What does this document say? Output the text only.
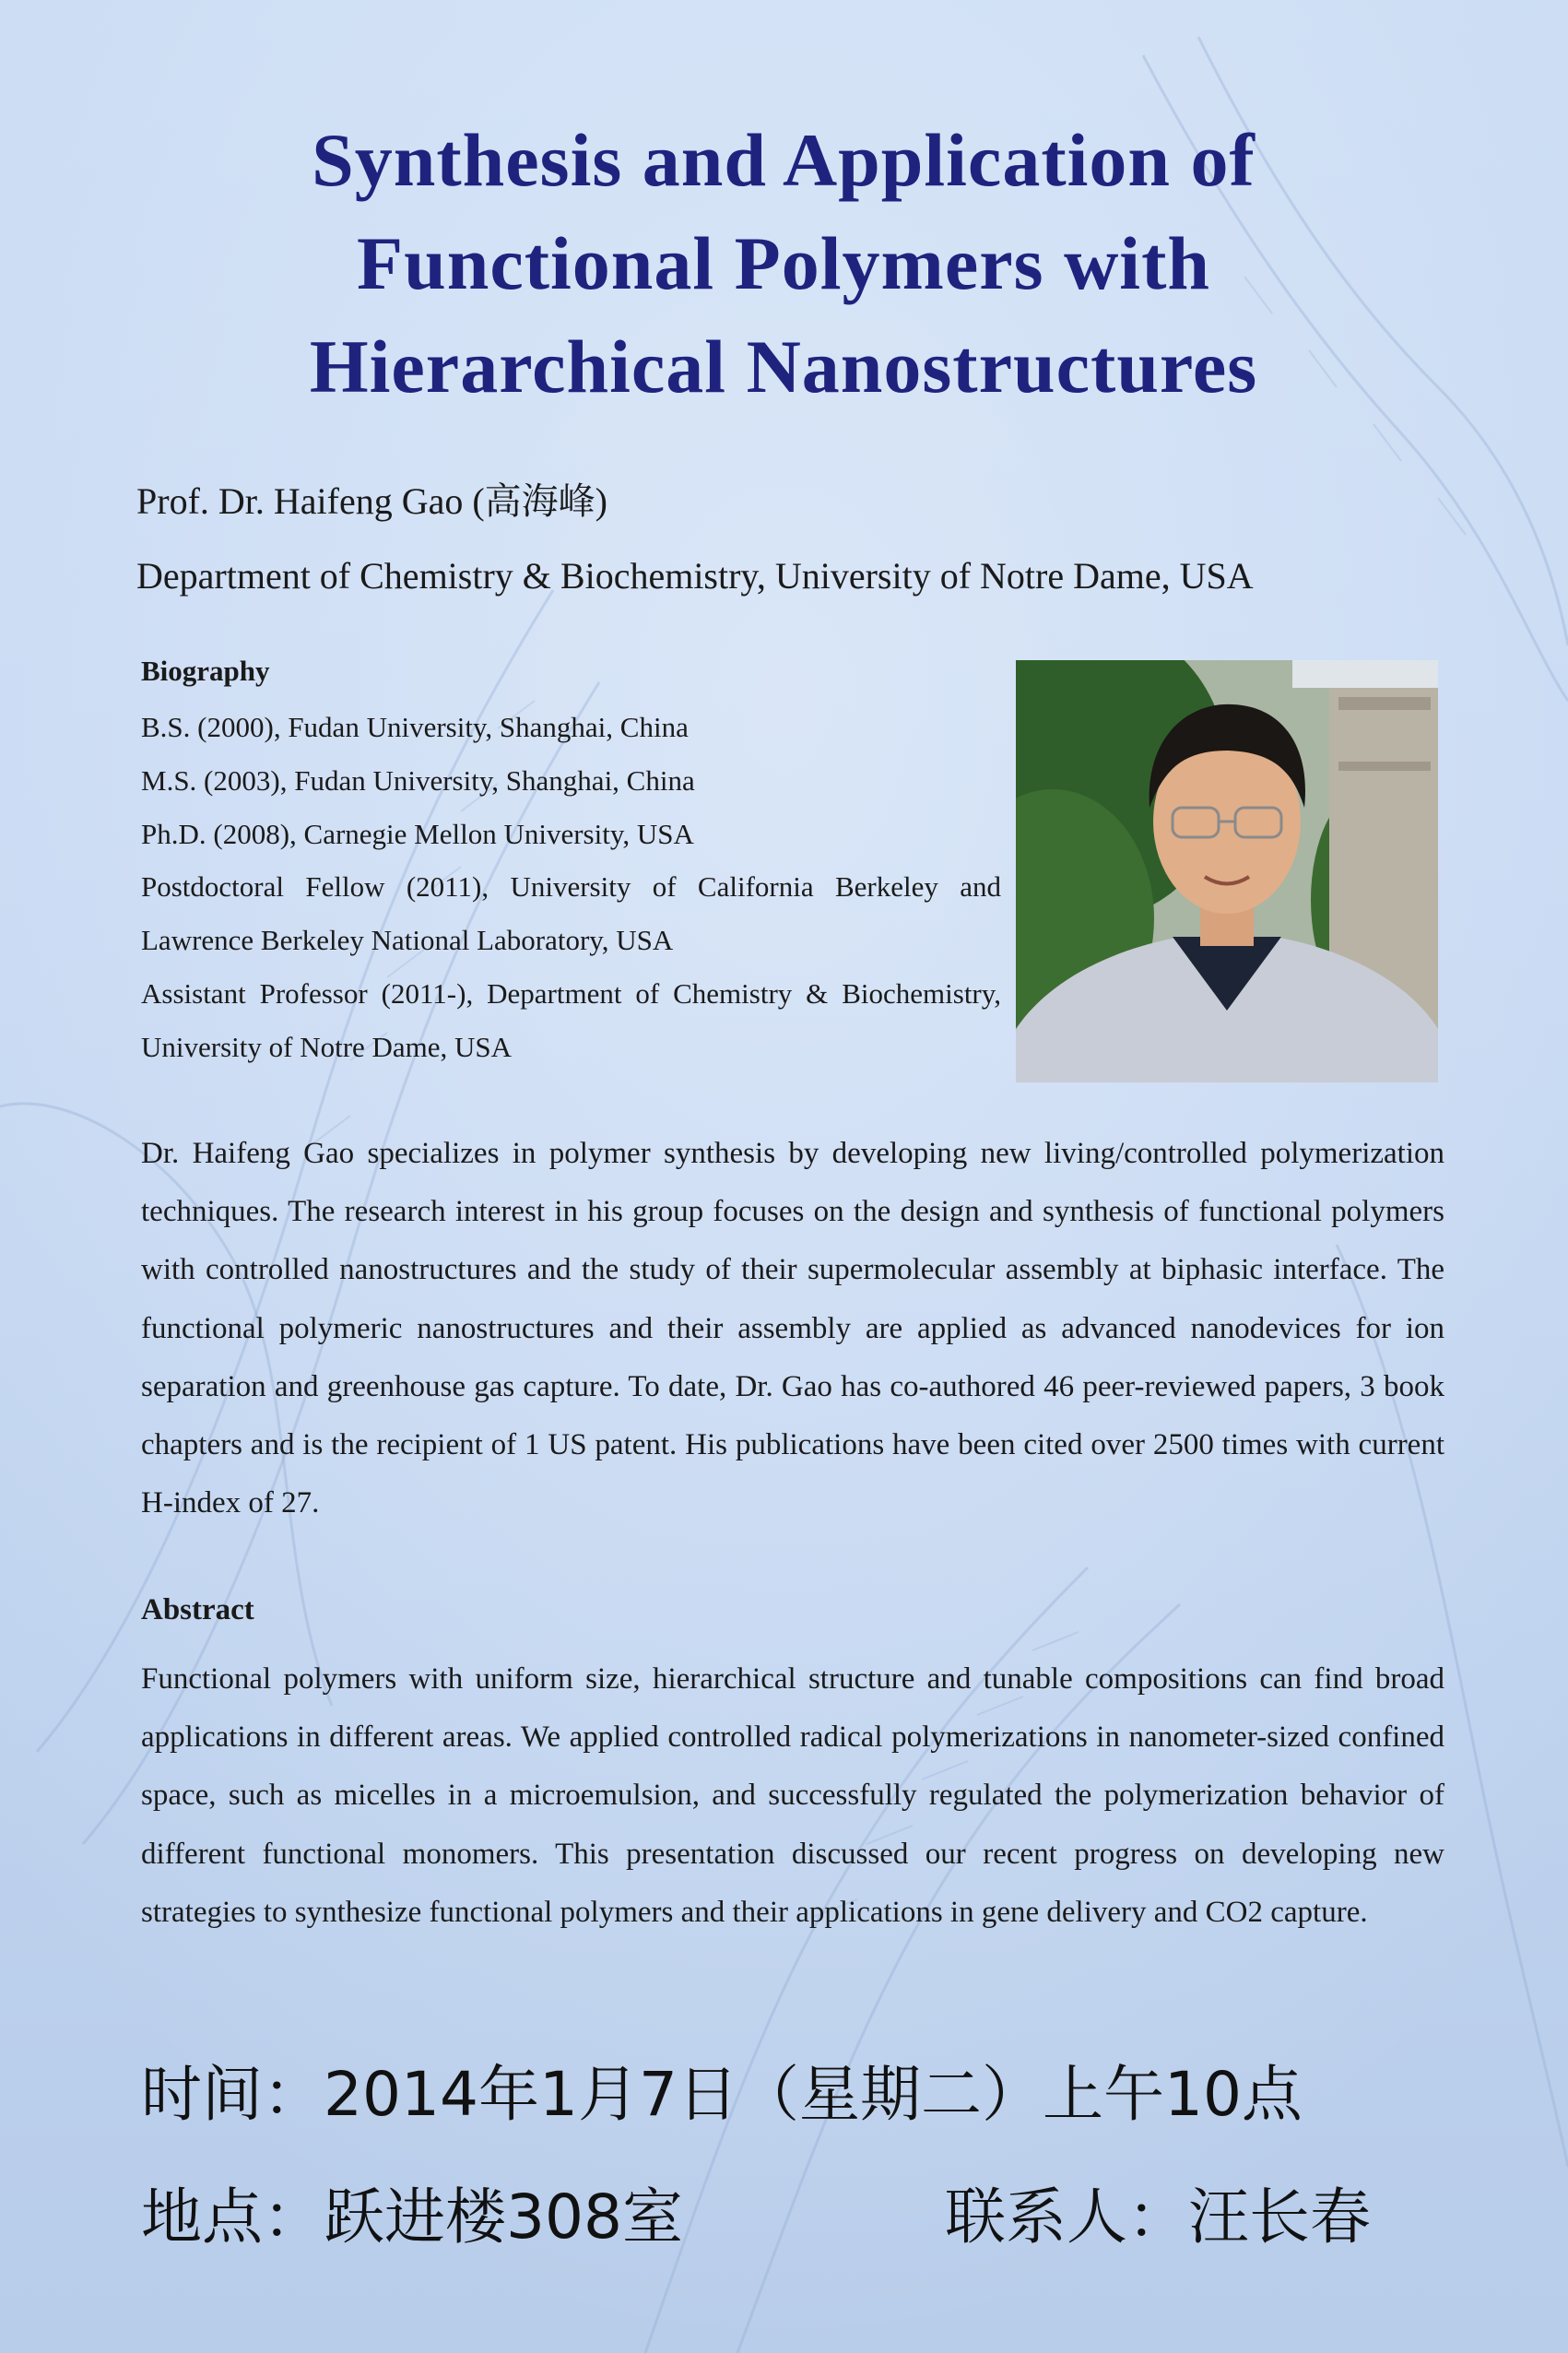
Synthesis and Application of
Functional Polymers with
Hierarchical Nanostructures
Prof. Dr. Haifeng Gao (高海峰)
Department of Chemistry & Biochemistry, University of Notre Dame, USA
Biography
B.S. (2000), Fudan University, Shanghai, China
M.S. (2003), Fudan University, Shanghai, China
Ph.D. (2008), Carnegie Mellon University, USA
Postdoctoral Fellow (2011), University of California Berkeley and Lawrence Berkeley National Laboratory, USA
Assistant Professor (2011-), Department of Chemistry & Biochemistry, University of Notre Dame, USA

Dr. Haifeng Gao specializes in polymer synthesis by developing new living/controlled polymerization techniques. The research interest in his group focuses on the design and synthesis of functional polymers with controlled nanostructures and the study of their supermolecular assembly at biphasic interface. The functional polymeric nanostructures and their assembly are applied as advanced nanodevices for ion separation and greenhouse gas capture. To date, Dr. Gao has co-authored 46 peer-reviewed papers, 3 book chapters and is the recipient of 1 US patent. His publications have been cited over 2500 times with current H-index of 27.

Abstract

Functional polymers with uniform size, hierarchical structure and tunable compositions can find broad applications in different areas. We applied controlled radical polymerizations in nanometer-sized confined space, such as micelles in a microemulsion, and successfully regulated the polymerization behavior of different functional monomers. This presentation discussed our recent progress on developing new strategies to synthesize functional polymers and their applications in gene delivery and CO2 capture.

时间：2014年1月7日（星期二）上午10点
地点：跃进楼308室	联系人：汪长春
